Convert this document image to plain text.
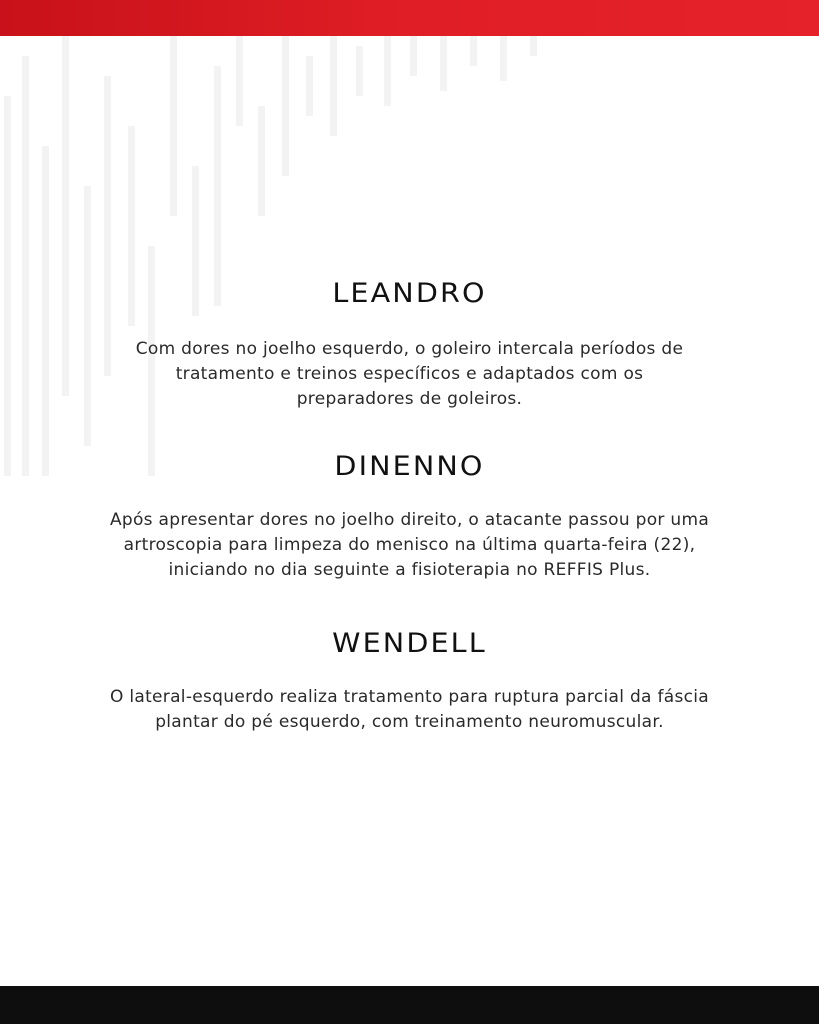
LEANDRO

Com dores no joelho esquerdo, o goleiro intercala períodos de
tratamento e treinos específicos e adaptados com os
preparadores de goleiros.

DINENNO

Após apresentar dores no joelho direito, o atacante passou por uma
artroscopia para limpeza do menisco na última quarta-feira (22),
iniciando no dia seguinte a fisioterapia no REFFIS Plus.

WENDELL

O lateral-esquerdo realiza tratamento para ruptura parcial da fáscia
plantar do pé esquerdo, com treinamento neuromuscular.
